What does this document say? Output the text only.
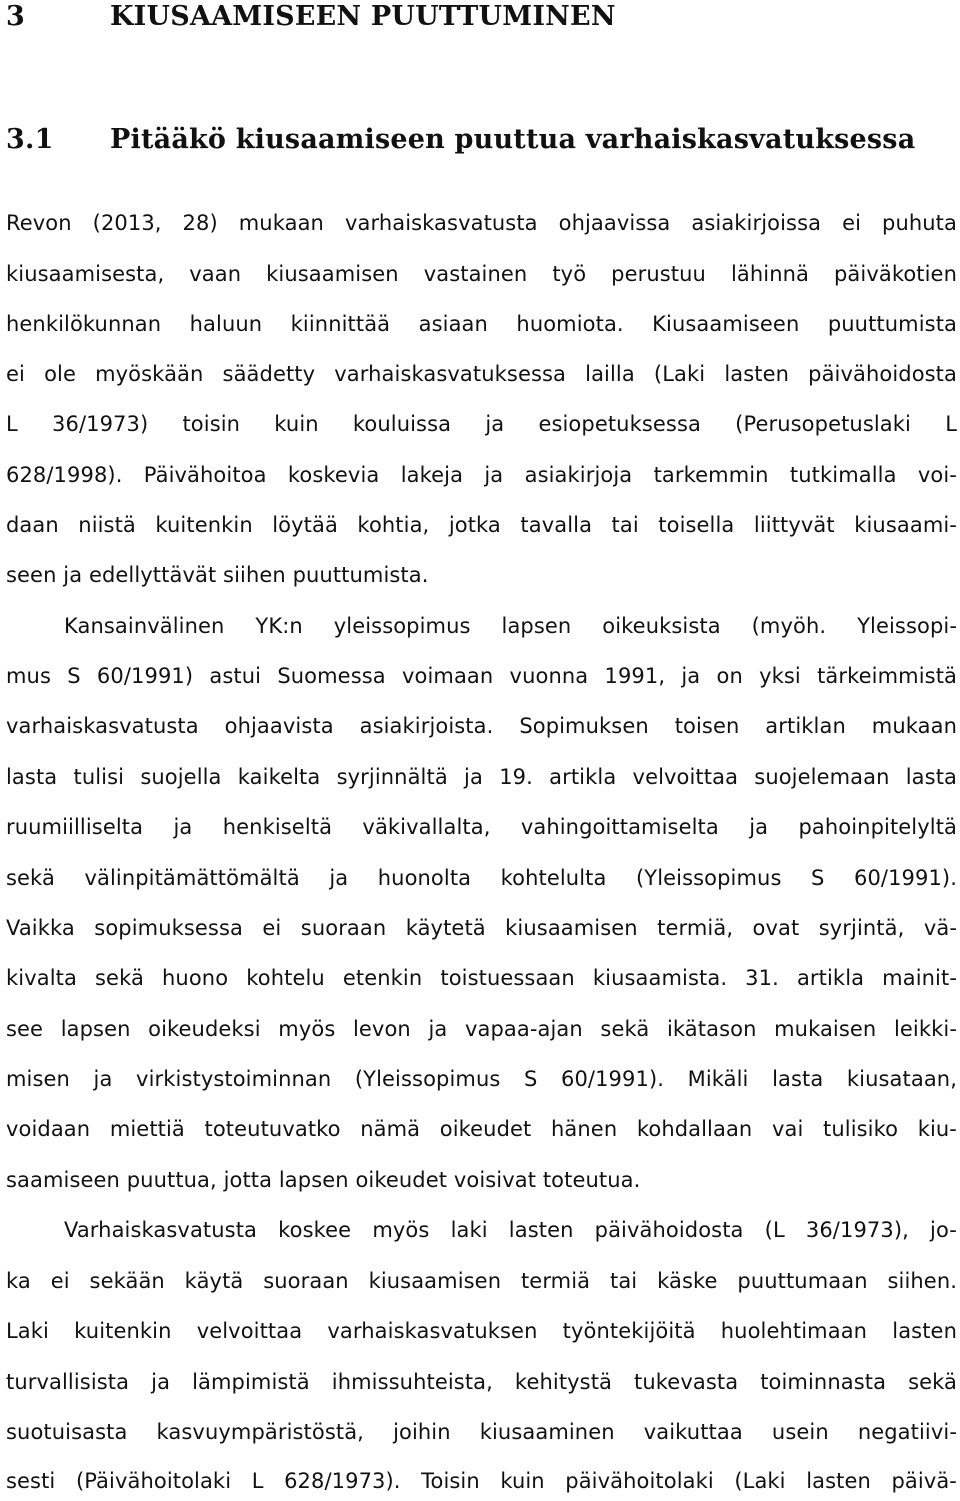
3	KIUSAAMISEEN PUUTTUMINEN
3.1 Pitääkö kiusaamiseen puuttua varhaiskasvatuksessa
Revon (2013, 28) mukaan varhaiskasvatusta ohjaavissa asiakirjoissa ei puhuta
kiusaamisesta, vaan kiusaamisen vastainen työ perustuu lähinnä päiväkotien
henkilökunnan haluun kiinnittää asiaan huomiota. Kiusaamiseen puuttumista
ei ole myöskään säädetty varhaiskasvatuksessa lailla (Laki lasten päivähoidosta
L 36/1973) toisin kuin kouluissa ja esiopetuksessa (Perusopetuslaki L
628/1998). Päivähoitoa koskevia lakeja ja asiakirjoja tarkemmin tutkimalla voi-
daan niistä kuitenkin löytää kohtia, jotka tavalla tai toisella liittyvät kiusaami-
seen ja edellyttävät siihen puuttumista.
Kansainvälinen YK:n yleissopimus lapsen oikeuksista (myöh. Yleissopi-
mus S 60/1991) astui Suomessa voimaan vuonna 1991, ja on yksi tärkeimmistä
varhaiskasvatusta ohjaavista asiakirjoista. Sopimuksen toisen artiklan mukaan
lasta tulisi suojella kaikelta syrjinnältä ja 19. artikla velvoittaa suojelemaan lasta
ruumiilliselta ja henkiseltä väkivallalta, vahingoittamiselta ja pahoinpitelyltä
sekä välinpitämättömältä ja huonolta kohtelulta (Yleissopimus S 60/1991).
Vaikka sopimuksessa ei suoraan käytetä kiusaamisen termiä, ovat syrjintä, vä-
kivalta sekä huono kohtelu etenkin toistuessaan kiusaamista. 31. artikla mainit-
see lapsen oikeudeksi myös levon ja vapaa-ajan sekä ikätason mukaisen leikki-
misen ja virkistystoiminnan (Yleissopimus S 60/1991). Mikäli lasta kiusataan,
voidaan miettiä toteutuvatko nämä oikeudet hänen kohdallaan vai tulisiko kiu-
saamiseen puuttua, jotta lapsen oikeudet voisivat toteutua.
Varhaiskasvatusta koskee myös laki lasten päivähoidosta (L 36/1973), jo-
ka ei sekään käytä suoraan kiusaamisen termiä tai käske puuttumaan siihen.
Laki kuitenkin velvoittaa varhaiskasvatuksen työntekijöitä huolehtimaan lasten
turvallisista ja lämpimistä ihmissuhteista, kehitystä tukevasta toiminnasta sekä
suotuisasta kasvuympäristöstä, joihin kiusaaminen vaikuttaa usein negatiivi-
sesti (Päivähoitolaki L 628/1973). Toisin kuin päivähoitolaki (Laki lasten päivä-
